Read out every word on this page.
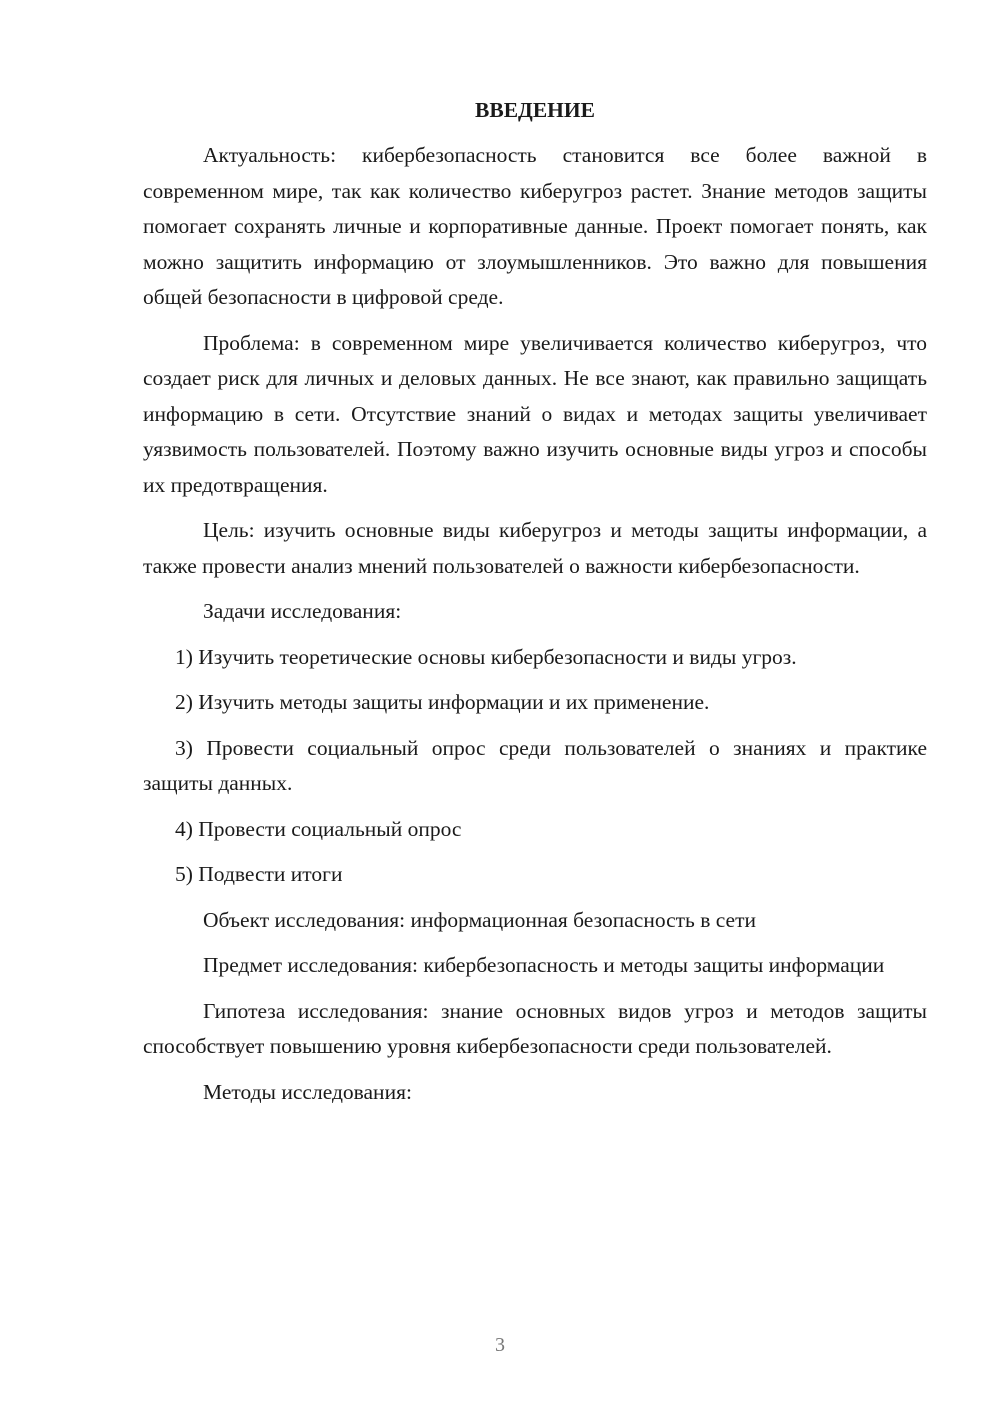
ВВЕДЕНИЕ

Актуальность: кибербезопасность становится все более важной в современном мире, так как количество киберугроз растет. Знание методов защиты помогает сохранять личные и корпоративные данные. Проект помогает понять, как можно защитить информацию от злоумышленников. Это важно для повышения общей безопасности в цифровой среде.

Проблема: в современном мире увеличивается количество киберугроз, что создает риск для личных и деловых данных. Не все знают, как правильно защищать информацию в сети. Отсутствие знаний о видах и методах защиты увеличивает уязвимость пользователей. Поэтому важно изучить основные виды угроз и способы их предотвращения.

Цель: изучить основные виды киберугроз и методы защиты информации, а также провести анализ мнений пользователей о важности кибербезопасности.

Задачи исследования:

1) Изучить теоретические основы кибербезопасности и виды угроз.

2) Изучить методы защиты информации и их применение.

3) Провести социальный опрос среди пользователей о знаниях и практике защиты данных.

4) Провести социальный опрос

5) Подвести итоги

Объект исследования: информационная безопасность в сети

Предмет исследования: кибербезопасность и методы защиты информации

Гипотеза исследования: знание основных видов угроз и методов защиты способствует повышению уровня кибербезопасности среди пользователей.

Методы исследования:

3
